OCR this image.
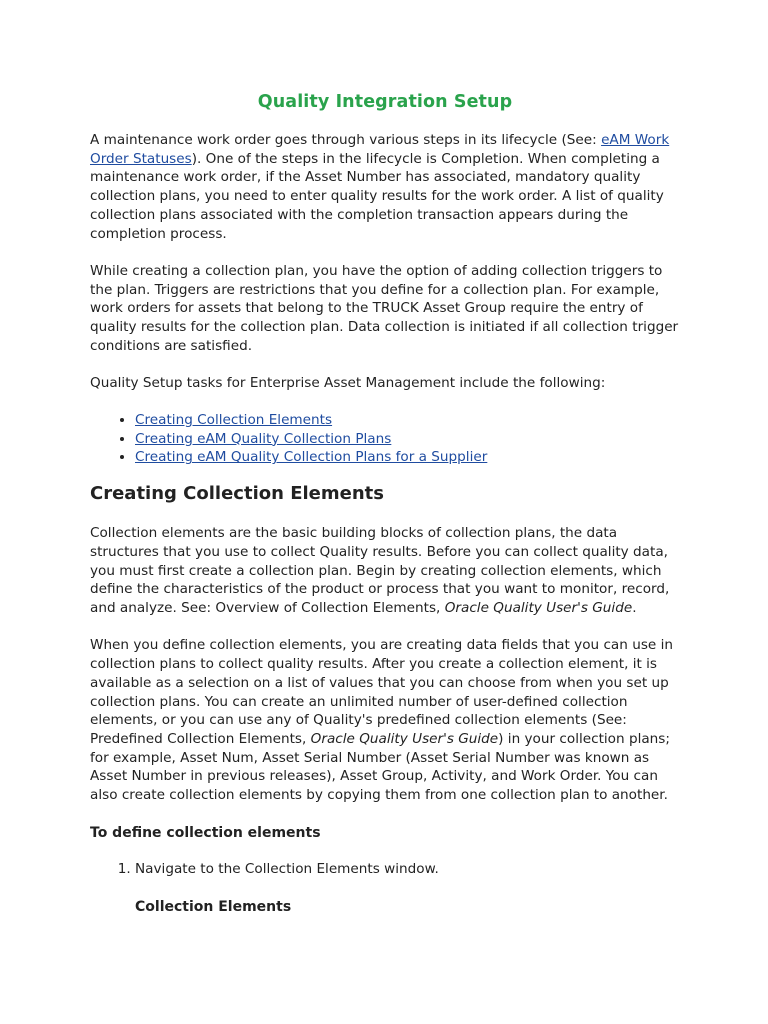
Quality Integration Setup

A maintenance work order goes through various steps in its lifecycle (See: eAM Work Order Statuses). One of the steps in the lifecycle is Completion. When completing a maintenance work order, if the Asset Number has associated, mandatory quality collection plans, you need to enter quality results for the work order. A list of quality collection plans associated with the completion transaction appears during the completion process.

While creating a collection plan, you have the option of adding collection triggers to the plan. Triggers are restrictions that you define for a collection plan. For example, work orders for assets that belong to the TRUCK Asset Group require the entry of quality results for the collection plan. Data collection is initiated if all collection trigger conditions are satisfied.

Quality Setup tasks for Enterprise Asset Management include the following:

• Creating Collection Elements
• Creating eAM Quality Collection Plans
• Creating eAM Quality Collection Plans for a Supplier
Creating Collection Elements

Collection elements are the basic building blocks of collection plans, the data structures that you use to collect Quality results. Before you can collect quality data, you must first create a collection plan. Begin by creating collection elements, which define the characteristics of the product or process that you want to monitor, record, and analyze. See: Overview of Collection Elements, Oracle Quality User's Guide.

When you define collection elements, you are creating data fields that you can use in collection plans to collect quality results. After you create a collection element, it is available as a selection on a list of values that you can choose from when you set up collection plans. You can create an unlimited number of user-defined collection elements, or you can use any of Quality's predefined collection elements (See: Predefined Collection Elements, Oracle Quality User's Guide) in your collection plans; for example, Asset Num, Asset Serial Number (Asset Serial Number was known as Asset Number in previous releases), Asset Group, Activity, and Work Order. You can also create collection elements by copying them from one collection plan to another.

To define collection elements
1. Navigate to the Collection Elements window.
Collection Elements
